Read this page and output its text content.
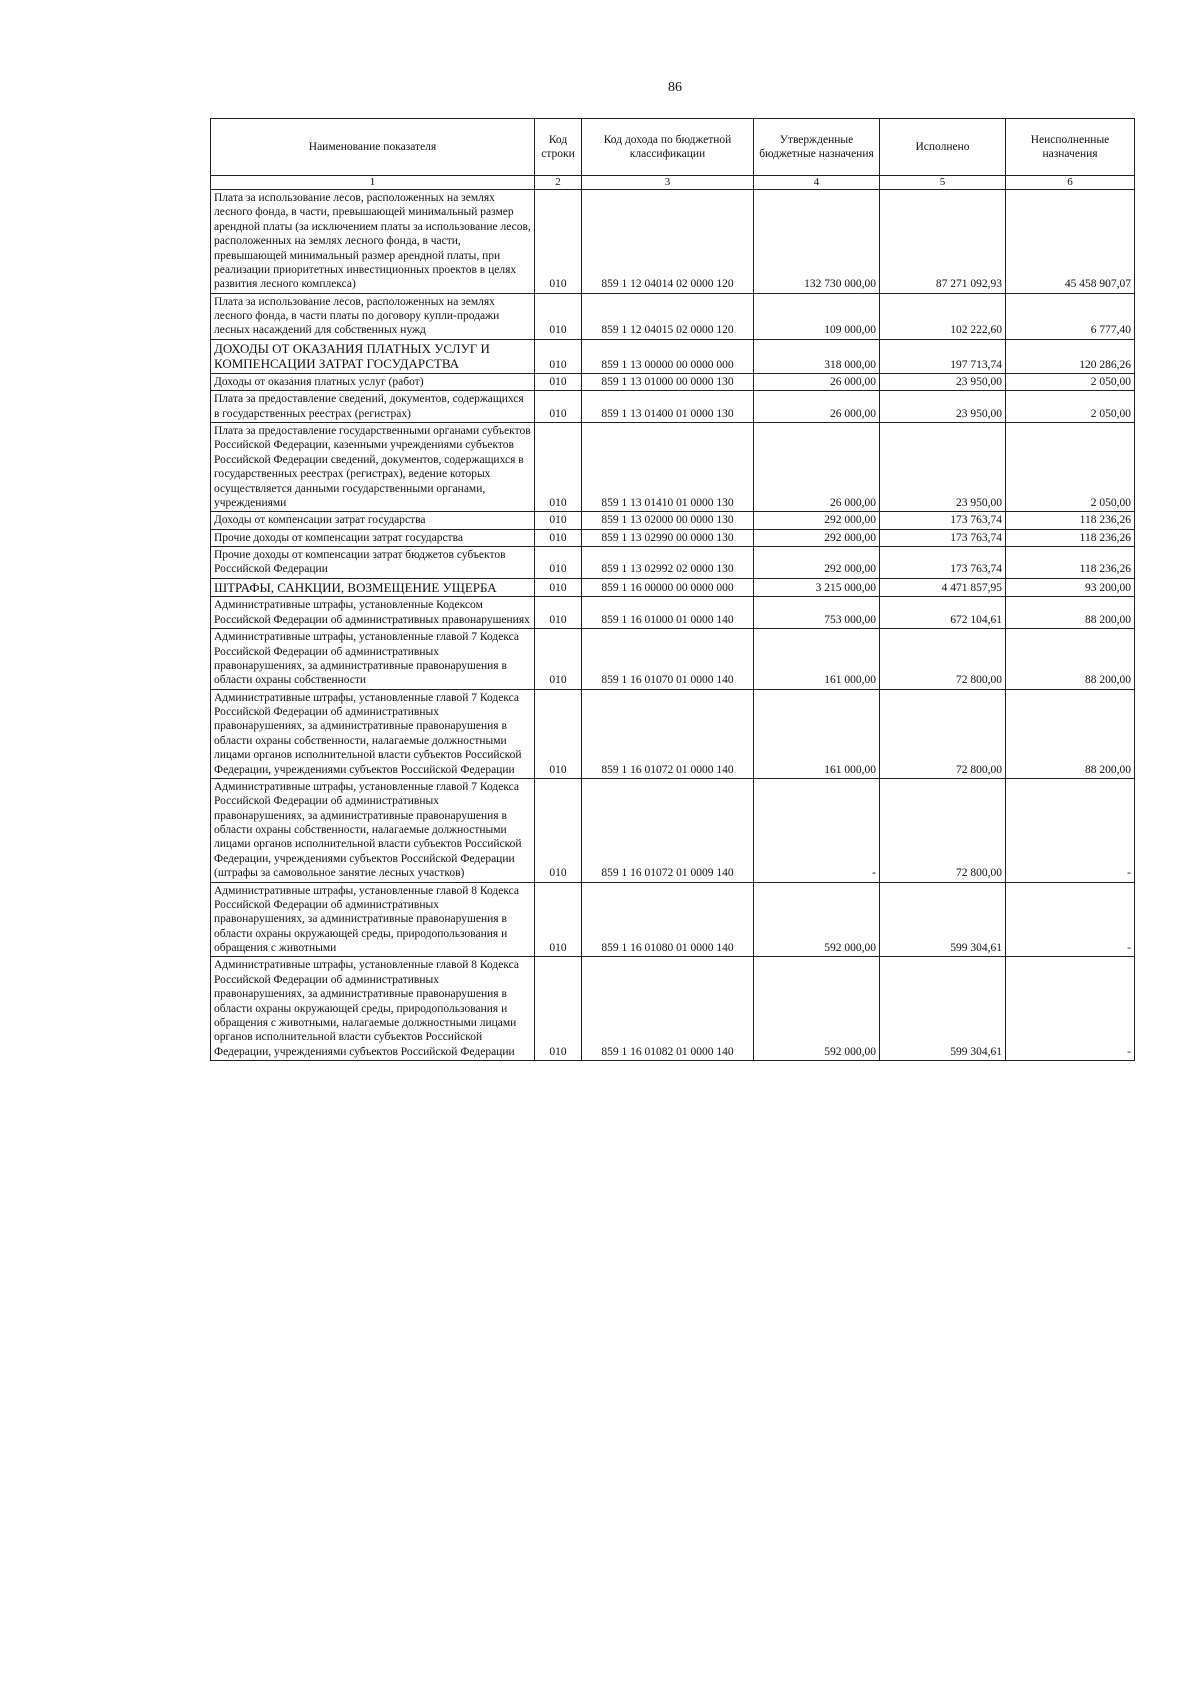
86
Наименование показателя	Код строки	Код дохода по бюджетной классификации	Утвержденные бюджетные назначения	Исполнено	Неисполненные назначения
1	2	3	4	5	6
Плата за использование лесов, расположенных на землях лесного фонда, в части, превышающей минимальный размер арендной платы (за исключением платы за использование лесов, расположенных на землях лесного фонда, в части, превышающей минимальный размер арендной платы, при реализации приоритетных инвестиционных проектов в целях развития лесного комплекса)	010	859 1 12 04014 02 0000 120	132 730 000,00	87 271 092,93	45 458 907,07
Плата за использование лесов, расположенных на землях лесного фонда, в части платы по договору купли-продажи лесных насаждений для собственных нужд	010	859 1 12 04015 02 0000 120	109 000,00	102 222,60	6 777,40
ДОХОДЫ ОТ ОКАЗАНИЯ ПЛАТНЫХ УСЛУГ И КОМПЕНСАЦИИ ЗАТРАТ ГОСУДАРСТВА	010	859 1 13 00000 00 0000 000	318 000,00	197 713,74	120 286,26
Доходы от оказания платных услуг (работ)	010	859 1 13 01000 00 0000 130	26 000,00	23 950,00	2 050,00
Плата за предоставление сведений, документов, содержащихся в государственных реестрах (регистрах)	010	859 1 13 01400 01 0000 130	26 000,00	23 950,00	2 050,00
Плата за предоставление государственными органами субъектов Российской Федерации, казенными учреждениями субъектов Российской Федерации сведений, документов, содержащихся в государственных реестрах (регистрах), ведение которых осуществляется данными государственными органами, учреждениями	010	859 1 13 01410 01 0000 130	26 000,00	23 950,00	2 050,00
Доходы от компенсации затрат государства	010	859 1 13 02000 00 0000 130	292 000,00	173 763,74	118 236,26
Прочие доходы от компенсации затрат государства	010	859 1 13 02990 00 0000 130	292 000,00	173 763,74	118 236,26
Прочие доходы от компенсации затрат бюджетов субъектов Российской Федерации	010	859 1 13 02992 02 0000 130	292 000,00	173 763,74	118 236,26
ШТРАФЫ, САНКЦИИ, ВОЗМЕЩЕНИЕ УЩЕРБА	010	859 1 16 00000 00 0000 000	3 215 000,00	4 471 857,95	93 200,00
Административные штрафы, установленные Кодексом Российской Федерации об административных правонарушениях	010	859 1 16 01000 01 0000 140	753 000,00	672 104,61	88 200,00
Административные штрафы, установленные главой 7 Кодекса Российской Федерации об административных правонарушениях, за административные правонарушения в области охраны собственности	010	859 1 16 01070 01 0000 140	161 000,00	72 800,00	88 200,00
Административные штрафы, установленные главой 7 Кодекса Российской Федерации об административных правонарушениях, за административные правонарушения в области охраны собственности, налагаемые должностными лицами органов исполнительной власти субъектов Российской Федерации, учреждениями субъектов Российской Федерации	010	859 1 16 01072 01 0000 140	161 000,00	72 800,00	88 200,00
Административные штрафы, установленные главой 7 Кодекса Российской Федерации об административных правонарушениях, за административные правонарушения в области охраны собственности, налагаемые должностными лицами органов исполнительной власти субъектов Российской Федерации, учреждениями субъектов Российской Федерации (штрафы за самовольное занятие лесных участков)	010	859 1 16 01072 01 0009 140	-	72 800,00	-
Административные штрафы, установленные главой 8 Кодекса Российской Федерации об административных правонарушениях, за административные правонарушения в области охраны окружающей среды, природопользования и обращения с животными	010	859 1 16 01080 01 0000 140	592 000,00	599 304,61	-
Административные штрафы, установленные главой 8 Кодекса Российской Федерации об административных правонарушениях, за административные правонарушения в области охраны окружающей среды, природопользования и обращения с животными, налагаемые должностными лицами органов исполнительной власти субъектов Российской Федерации, учреждениями субъектов Российской Федерации	010	859 1 16 01082 01 0000 140	592 000,00	599 304,61	-
